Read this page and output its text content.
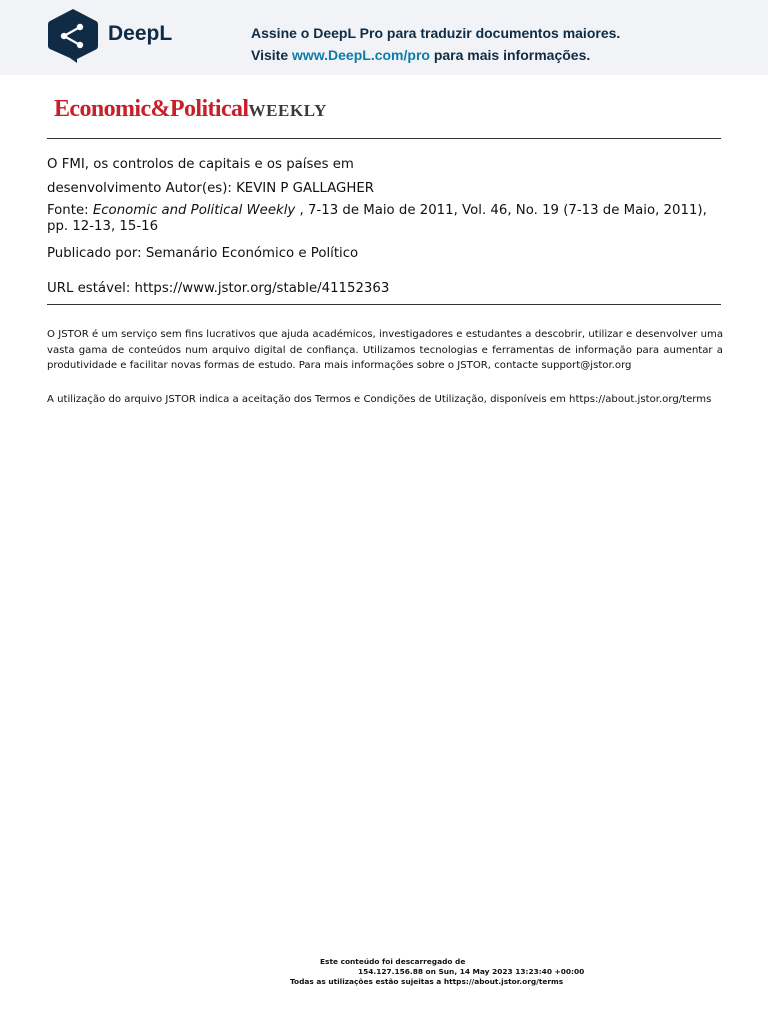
DeepL	Assine o DeepL Pro para traduzir documentos maiores.
Visite www.DeepL.com/pro para mais informações.
Economic&PoliticalWEEKLY
O FMI, os controlos de capitais e os países em
desenvolvimento Autor(es): KEVIN P GALLAGHER
Fonte: Economic and Political Weekly , 7-13 de Maio de 2011, Vol. 46, No. 19 (7-13 de Maio, 2011), pp. 12-13, 15-16
Publicado por: Semanário Económico e Político
URL estável: https://www.jstor.org/stable/41152363
O JSTOR é um serviço sem fins lucrativos que ajuda académicos, investigadores e estudantes a descobrir, utilizar e desenvolver uma vasta gama de conteúdos num arquivo digital de confiança. Utilizamos tecnologias e ferramentas de informação para aumentar a produtividade e facilitar novas formas de estudo. Para mais informações sobre o JSTOR, contacte support@jstor.org
A utilização do arquivo JSTOR indica a aceitação dos Termos e Condições de Utilização, disponíveis em https://about.jstor.org/terms
Este conteúdo foi descarregado de
154.127.156.88 on Sun, 14 May 2023 13:23:40 +00:00
Todas as utilizações estão sujeitas a https://about.jstor.org/terms
